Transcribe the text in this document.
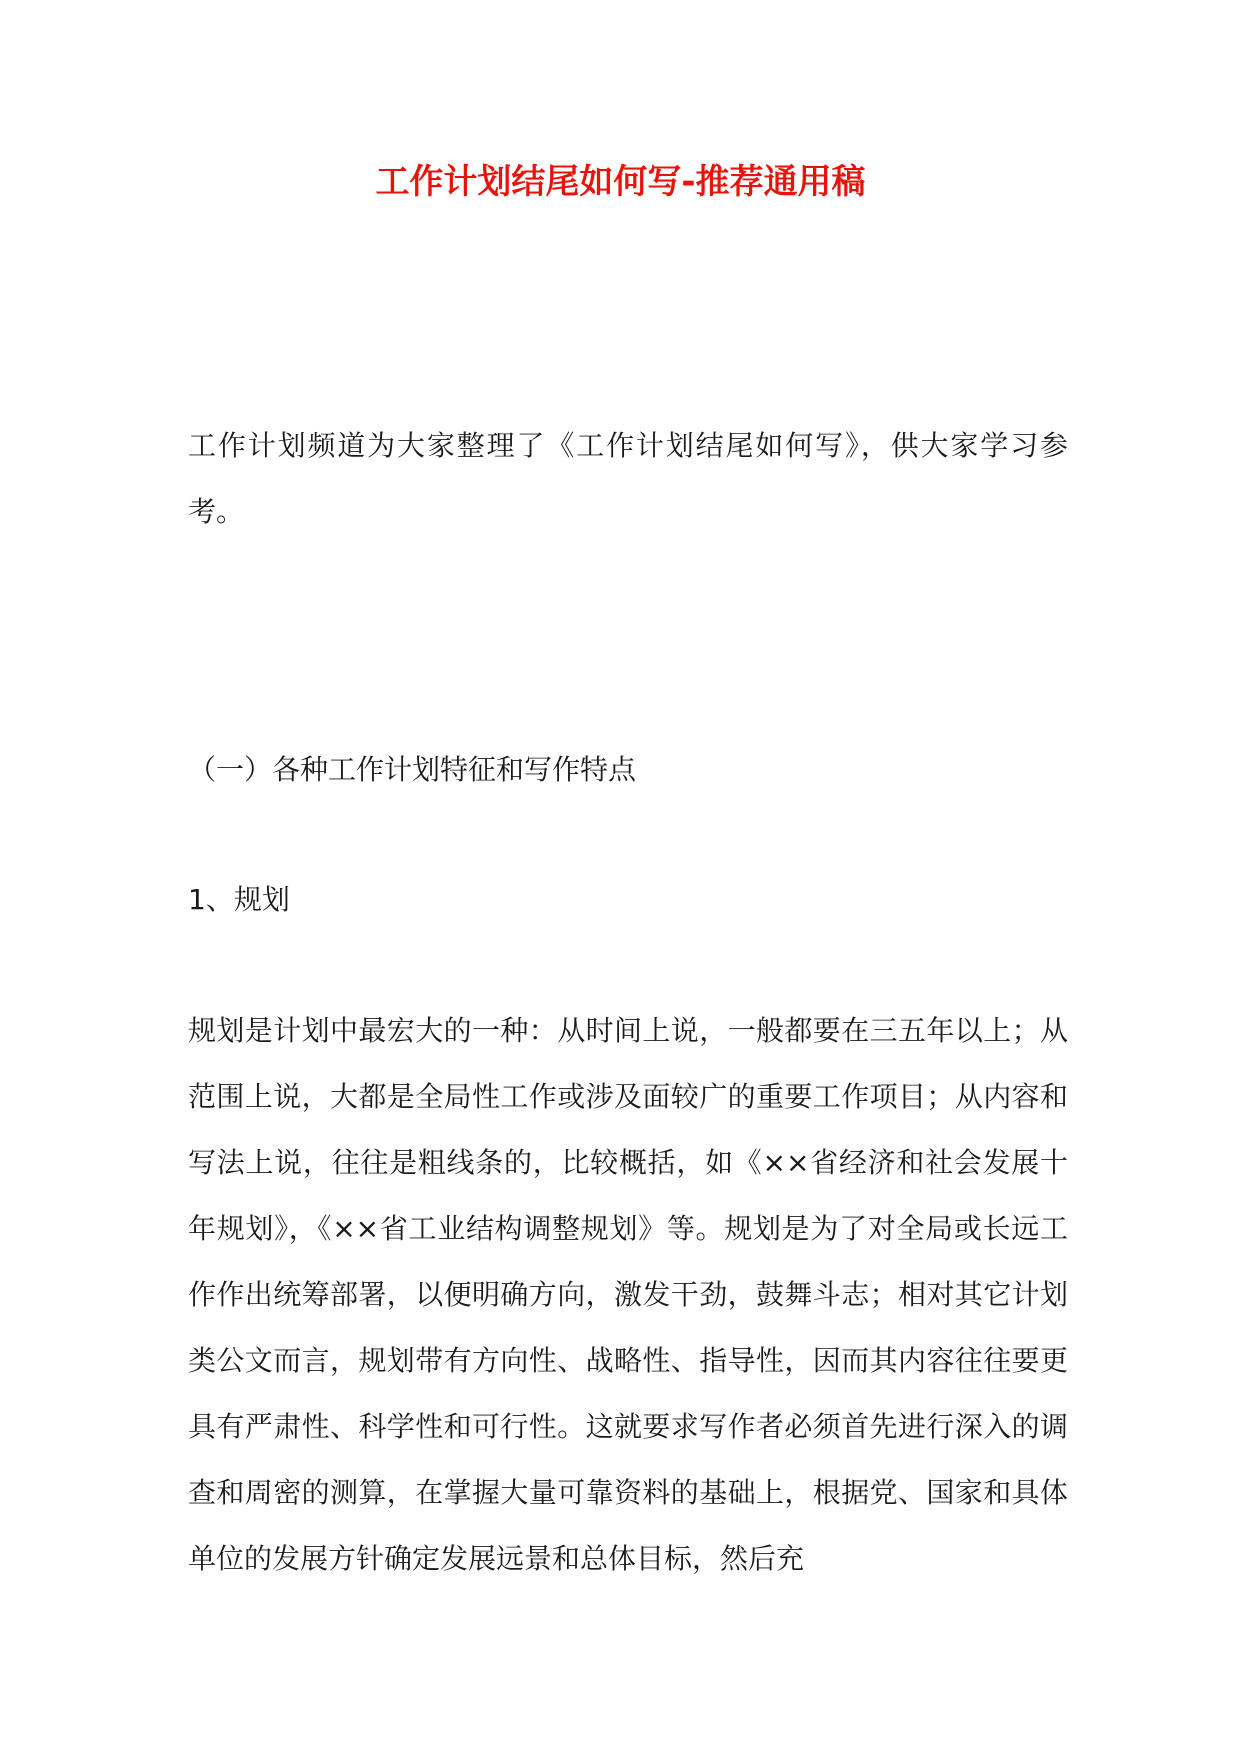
工作计划结尾如何写-推荐通用稿
工作计划频道为大家整理了《工作计划结尾如何写》，供大家学习参考。
（一）各种工作计划特征和写作特点
1、规划
规划是计划中最宏大的一种：从时间上说，一般都要在三五年以上；从范围上说，大都是全局性工作或涉及面较广的重要工作项目；从内容和写法上说，往往是粗线条的，比较概括，如《××省经济和社会发展十年规划》，《××省工业结构调整规划》等。规划是为了对全局或长远工作作出统筹部署，以便明确方向，激发干劲，鼓舞斗志；相对其它计划类公文而言，规划带有方向性、战略性、指导性，因而其内容往往要更具有严肃性、科学性和可行性。这就要求写作者必须首先进行深入的调查和周密的测算，在掌握大量可靠资料的基础上，根据党、国家和具体单位的发展方针确定发展远景和总体目标，然后充
